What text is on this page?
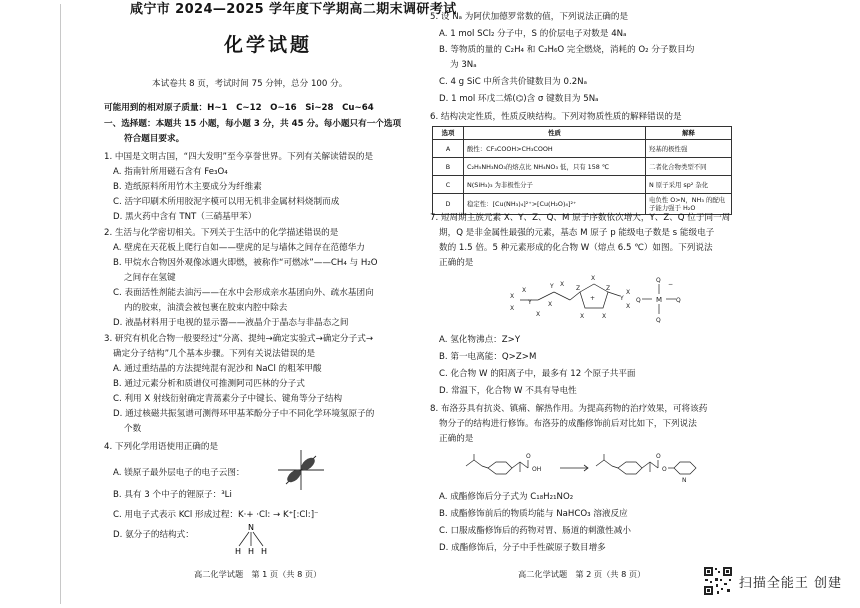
咸宁市 2024—2025 学年度下学期高二期末调研考试
化学试题
本试卷共 8 页，考试时间 75 分钟，总分 100 分。
可能用到的相对原子质量：H~1　C~12　O~16　Si~28　Cu~64
一、选择题：本题共 15 小题，每小题 3 分，共 45 分。每小题只有一个选项
符合题目要求。
1. 中国是文明古国，“四大发明”至今享誉世界。下列有关解读错误的是
A. 指南针所用磁石含有 Fe₃O₄
B. 造纸原料所用竹木主要成分为纤维素
C. 活字印刷术所用胶泥字模可以用无机非金属材料烧制而成
D. 黑火药中含有 TNT（三硝基甲苯）
2. 生活与化学密切相关。下列关于生活中的化学描述错误的是
A. 壁虎在天花板上爬行自如——壁虎的足与墙体之间存在范德华力
B. 甲烷水合物因外观像冰遇火即燃，被称作“可燃冰”——CH₄ 与 H₂O
之间存在氢键
C. 表面活性剂能去油污——在水中会形成亲水基团向外、疏水基团向
内的胶束，油渍会被包裹在胶束内腔中除去
D. 液晶材料用于电视的显示器——液晶介于晶态与非晶态之间
3. 研究有机化合物一般要经过“分离、提纯→确定实验式→确定分子式→
确定分子结构”几个基本步骤。下列有关说法错误的是
A. 通过重结晶的方法提纯混有泥沙和 NaCl 的粗苯甲酸
B. 通过元素分析和质谱仪可推测阿司匹林的分子式
C. 利用 X 射线衍射确定青蒿素分子中键长、键角等分子结构
D. 通过核磁共振氢谱可测得环甲基苯酚分子中不同化学环境氢原子的
个数
4. 下列化学用语使用正确的是
A. 镁原子最外层电子的电子云图：
B. 具有 3 个中子的锂原子：³Li
C. 用电子式表示 KCl 形成过程：K·+ ·Cl: → K⁺[:Cl:]⁻
D. 氨分子的结构式：
N
H H H
高二化学试题　第 1 页（共 8 页）
5. 设 Nₐ 为阿伏加德罗常数的值，下列说法正确的是
A. 1 mol SCl₂ 分子中，S 的价层电子对数是 4Nₐ
B. 等物质的量的 C₂H₄ 和 C₂H₆O 完全燃烧，消耗的 O₂ 分子数目均
为 3Nₐ
C. 4 g SiC 中所含共价键数目为 0.2Nₐ
D. 1 mol 环戊二烯(⌬)含 σ 键数目为 5Nₐ
6. 结构决定性质，性质反映结构。下列对物质性质的解释错误的是
选项	性质	解释
A	酸性：CF₃COOH>CH₃COOH	羟基的极性强
B	C₂H₅NH₃NO₃的熔点比 NH₄NO₃ 低，只有 158 ℃	二者化合物类型不同
C	N(SiH₃)₃ 为非极性分子	N 原子采用 sp² 杂化
D	稳定性：[Cu(NH₃)₄]²⁺>[Cu(H₂O)₄]²⁺	电负性 O>N，NH₃ 的配电子能力强于 H₂O
7. 短周期主族元素 X、Y、Z、Q、M 原子序数依次增大，Y、Z、Q 位于同一周
期，Q 是非金属性最强的元素，基态 M 原子 p 能级电子数是 s 能级电子
数的 1.5 倍。5 种元素形成的化合物 W（熔点 6.5 ℃）如图。下列说法
正确的是
X
X
X
Y
X
Y
X
X
Z	Z
X
X	X
+	Y
X
X
M
Q
Q
Q	Q
−
A. 氢化物沸点：Z>Y
B. 第一电离能：Q>Z>M
C. 化合物 W 的阳离子中，最多有 12 个原子共平面
D. 常温下，化合物 W 不具有导电性
8. 布洛芬具有抗炎、镇痛、解热作用。为提高药物的治疗效果，可将该药
物分子的结构进行修饰。布洛芬的成酯修饰前后对比如下，下列说法
正确的是
O
OH
O
O
N
A. 成酯修饰后分子式为 C₁₈H₂₁NO₂
B. 成酯修饰前后的物质均能与 NaHCO₃ 溶液反应
C. 口服成酯修饰后的药物对胃、肠道的刺激性减小
D. 成酯修饰后，分子中手性碳原子数目增多
高二化学试题　第 2 页（共 8 页）
扫描全能王 创建
